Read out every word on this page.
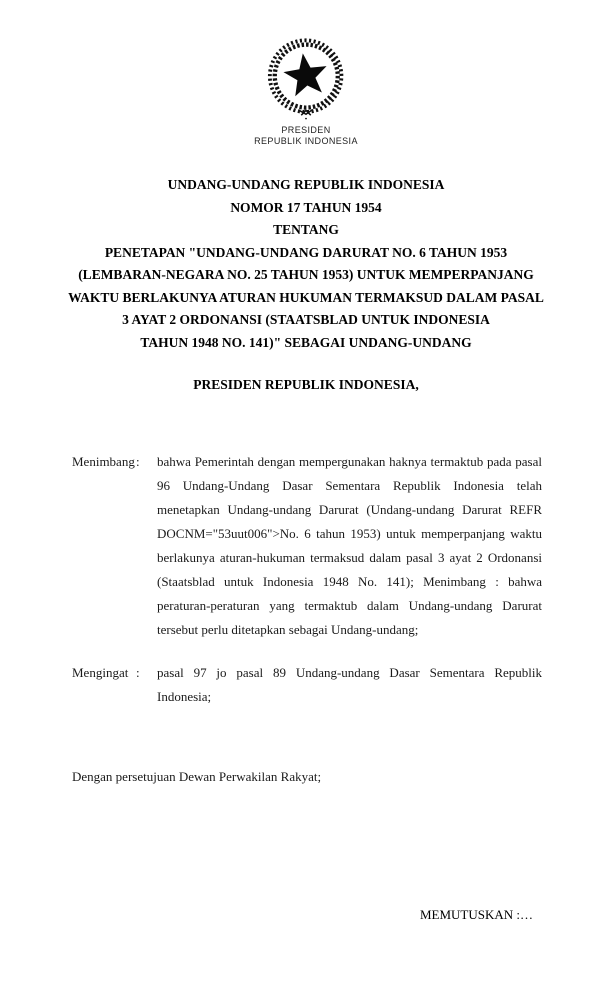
PRESIDEN
REPUBLIK INDONESIA
UNDANG-UNDANG REPUBLIK INDONESIA
NOMOR 17 TAHUN 1954
TENTANG
PENETAPAN "UNDANG-UNDANG DARURAT NO. 6 TAHUN 1953
(LEMBARAN-NEGARA NO. 25 TAHUN 1953) UNTUK MEMPERPANJANG
WAKTU BERLAKUNYA ATURAN HUKUMAN TERMAKSUD DALAM PASAL
3 AYAT 2 ORDONANSI (STAATSBLAD UNTUK INDONESIA
TAHUN 1948 NO. 141)" SEBAGAI UNDANG-UNDANG
PRESIDEN REPUBLIK INDONESIA,
Menimbang :	bahwa Pemerintah dengan mempergunakan haknya termaktub pada pasal 96 Undang-Undang Dasar Sementara Republik Indonesia telah menetapkan Undang-undang Darurat (Undang-undang Darurat REFR DOCNM="53uut006">No. 6 tahun 1953) untuk memperpanjang waktu berlakunya aturan-hukuman termaksud dalam pasal 3 ayat 2 Ordonansi (Staatsblad untuk Indonesia 1948 No. 141); Menimbang : bahwa peraturan-peraturan yang termaktub dalam Undang-undang Darurat tersebut perlu ditetapkan sebagai Undang-undang;
Mengingat :	pasal 97 jo pasal 89 Undang-undang Dasar Sementara Republik Indonesia;
Dengan persetujuan Dewan Perwakilan Rakyat;
MEMUTUSKAN :…
